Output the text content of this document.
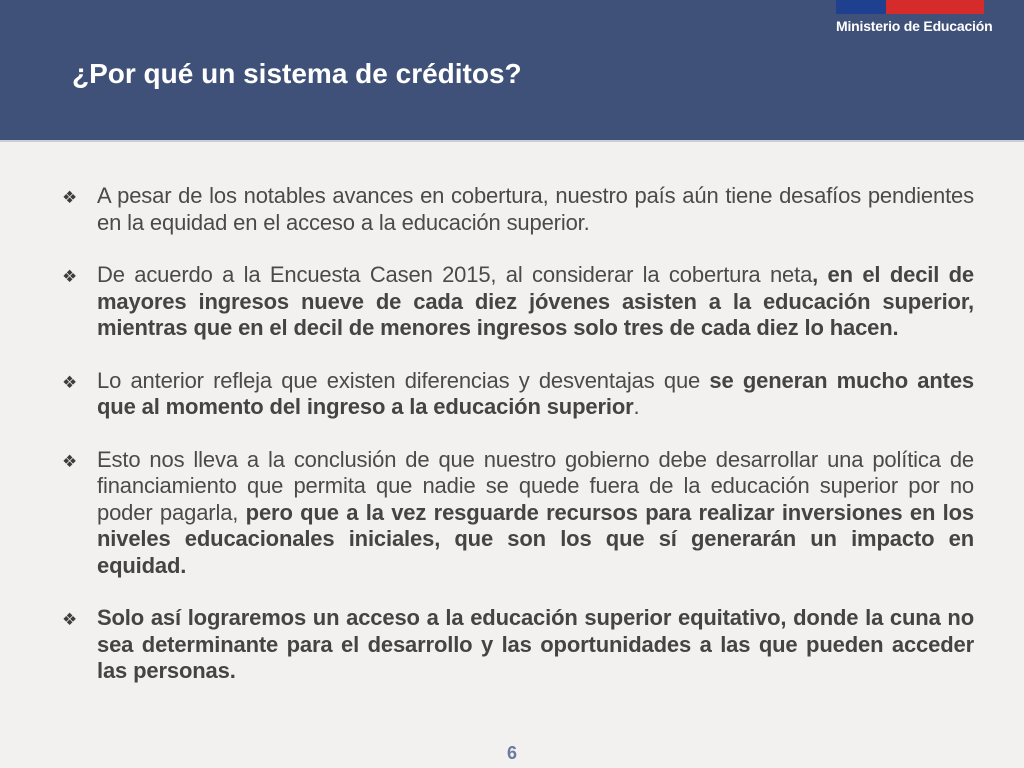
Ministerio de Educación
¿Por qué un sistema de créditos?
❖ A pesar de los notables avances en cobertura, nuestro país aún tiene desafíos pendientes en la equidad en el acceso a la educación superior.

❖ De acuerdo a la Encuesta Casen 2015, al considerar la cobertura neta, en el decil de mayores ingresos nueve de cada diez jóvenes asisten a la educación superior, mientras que en el decil de menores ingresos solo tres de cada diez lo hacen.

❖ Lo anterior refleja que existen diferencias y desventajas que se generan mucho antes que al momento del ingreso a la educación superior.

❖ Esto nos lleva a la conclusión de que nuestro gobierno debe desarrollar una política de financiamiento que permita que nadie se quede fuera de la educación superior por no poder pagarla, pero que a la vez resguarde recursos para realizar inversiones en los niveles educacionales iniciales, que son los que sí generarán un impacto en equidad.

❖ Solo así lograremos un acceso a la educación superior equitativo, donde la cuna no sea determinante para el desarrollo y las oportunidades a las que pueden acceder las personas.

6
